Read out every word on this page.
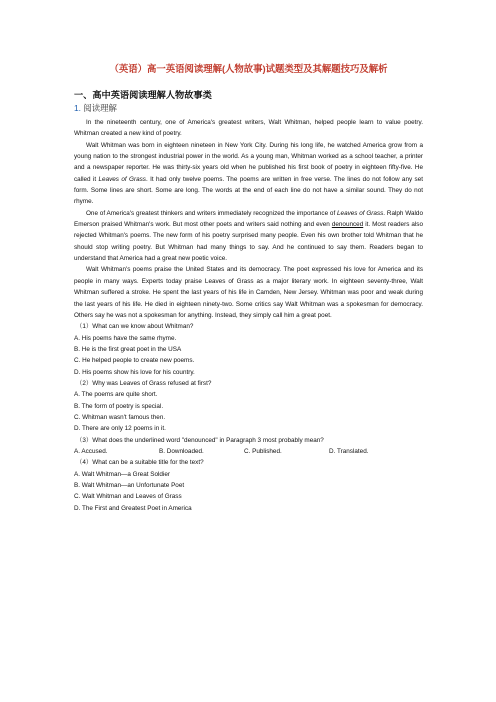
（英语）高一英语阅读理解(人物故事)试题类型及其解题技巧及解析
一、高中英语阅读理解人物故事类
1. 阅读理解

In the nineteenth century, one of America's greatest writers, Walt Whitman, helped people learn to value poetry. Whitman created a new kind of poetry.

Walt Whitman was born in eighteen nineteen in New York City. During his long life, he watched America grow from a young nation to the strongest industrial power in the world. As a young man, Whitman worked as a school teacher, a printer and a newspaper reporter. He was thirty-six years old when he published his first book of poetry in eighteen fifty-five. He called it Leaves of Grass. It had only twelve poems. The poems are written in free verse. The lines do not follow any set form. Some lines are short. Some are long. The words at the end of each line do not have a similar sound. They do not rhyme.

One of America's greatest thinkers and writers immediately recognized the importance of Leaves of Grass. Ralph Waldo Emerson praised Whitman's work. But most other poets and writers said nothing and even denounced it. Most readers also rejected Whitman's poems. The new form of his poetry surprised many people. Even his own brother told Whitman that he should stop writing poetry. But Whitman had many things to say. And he continued to say them. Readers began to understand that America had a great new poetic voice.

Walt Whitman's poems praise the United States and its democracy. The poet expressed his love for America and its people in many ways. Experts today praise Leaves of Grass as a major literary work. In eighteen seventy-three, Walt Whitman suffered a stroke. He spent the last years of his life in Camden, New Jersey. Whitman was poor and weak during the last years of his life. He died in eighteen ninety-two. Some critics say Walt Whitman was a spokesman for democracy. Others say he was not a spokesman for anything. Instead, they simply call him a great poet.

（1）What can we know about Whitman?
A. His poems have the same rhyme.
B. He is the first great poet in the USA
C. He helped people to create new poems.
D. His poems show his love for his country.
（2）Why was Leaves of Grass refused at first?
A. The poems are quite short.
B. The form of poetry is special.
C. Whitman wasn't famous then.
D. There are only 12 poems in it.
（3）What does the underlined word "denounced" in Paragraph 3 most probably mean?
A. Accused.	B. Downloaded.	C. Published.	D. Translated.
（4）What can be a suitable title for the text?
A. Walt Whitman—a Great Soldier
B. Walt Whitman—an Unfortunate Poet
C. Walt Whitman and Leaves of Grass
D. The First and Greatest Poet in America
